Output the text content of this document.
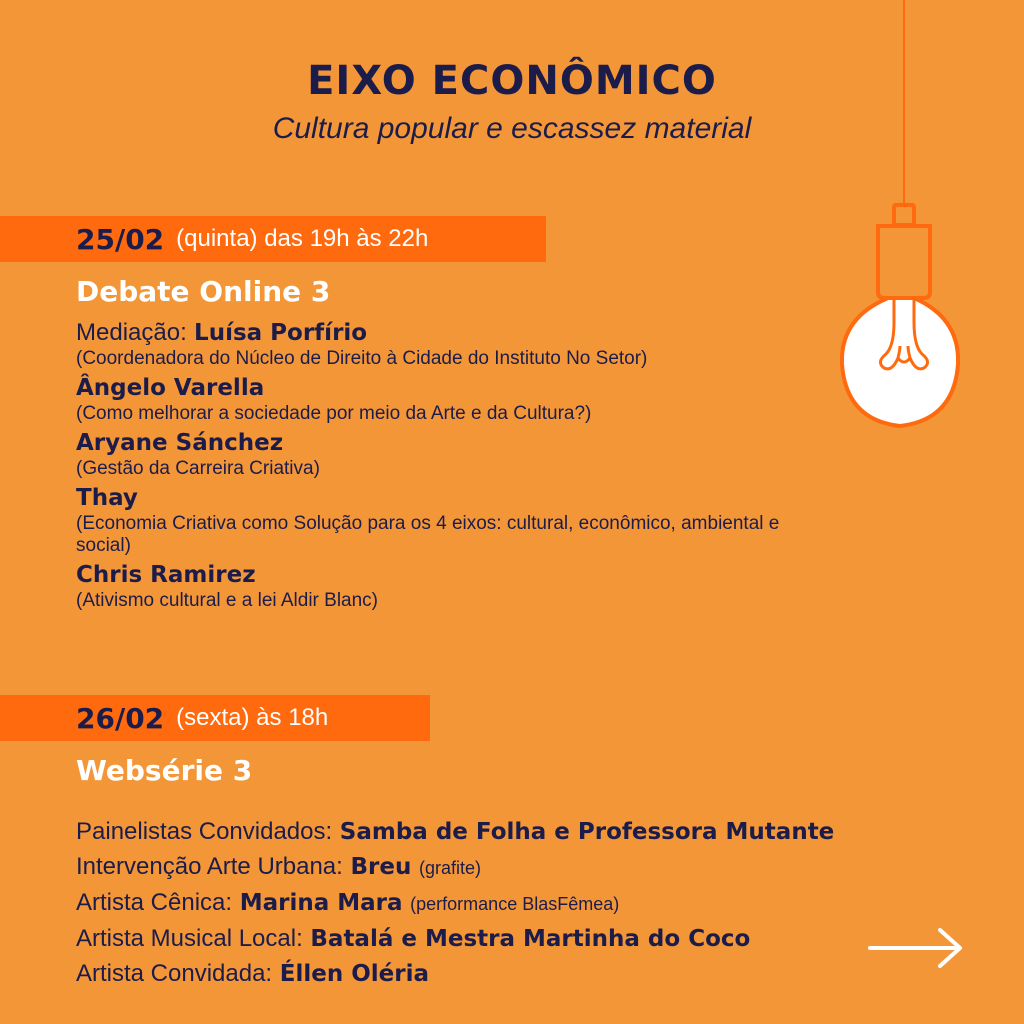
EIXO ECONÔMICO
Cultura popular e escassez material
25/02 (quinta) das 19h às 22h
Debate Online 3
Mediação: Luísa Porfírio
(Coordenadora do Núcleo de Direito à Cidade do Instituto No Setor)
Ângelo Varella
(Como melhorar a sociedade por meio da Arte e da Cultura?)
Aryane Sánchez
(Gestão da Carreira Criativa)
Thay
(Economia Criativa como Solução para os 4 eixos: cultural, econômico, ambiental e social)
Chris Ramirez
(Ativismo cultural e a lei Aldir Blanc)
26/02 (sexta) às 18h
Websérie 3
Painelistas Convidados: Samba de Folha e Professora Mutante
Intervenção Arte Urbana: Breu (grafite)
Artista Cênica: Marina Mara (performance BlasFêmea)
Artista Musical Local: Batalá e Mestra Martinha do Coco
Artista Convidada: Éllen Oléria
